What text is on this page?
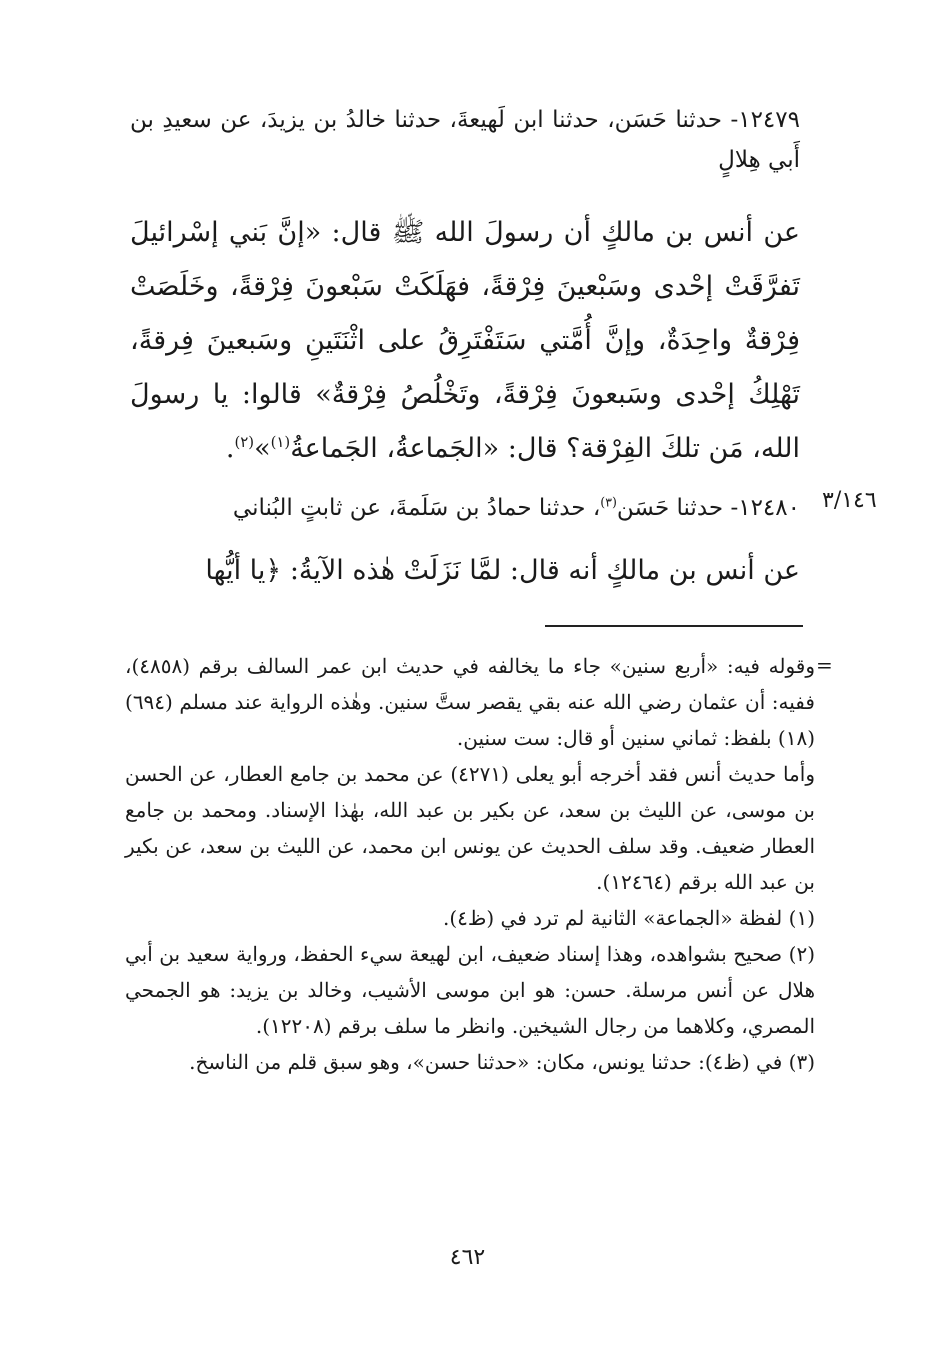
١٢٤٧٩- حدثنا حَسَن، حدثنا ابن لَهيعةَ، حدثنا خالدُ بن يزيدَ، عن سعيدِ بن أَبي هِلالٍ
عن أنس بن مالكٍ أن رسولَ الله ﷺ قال: «إنَّ بَني إسْرائيلَ تَفرَّقَتْ إحْدى وسَبْعينَ فِرْقةً، فهَلَكَتْ سَبْعونَ فِرْقةً، وخَلَصَتْ فِرْقةٌ واحِدَةٌ، وإنَّ أُمَّتي سَتَفْتَرِقُ على اثْنَتَينِ وسَبعينَ فِرقةً، تَهْلِكُ إحْدى وسَبعونَ فِرْقةً، وتَخْلُصُ فِرْقةٌ» قالوا: يا رسولَ الله، مَن تلكَ الفِرْقة؟ قال: «الجَماعةُ، الجَماعةُ$^{(١)}$»$^{(٢)}$.
٣/١٤٦
١٢٤٨٠- حدثنا حَسَن$^{(٣)}$، حدثنا حمادُ بن سَلَمةَ، عن ثابتٍ البُناني
عن أنس بن مالكٍ أنه قال: لمَّا نَزَلَتْ هٰذه الآيةُ: ﴿يا أيُّها
=

وقوله فيه: «أربع سنين» جاء ما يخالفه في حديث ابن عمر السالف برقم (٤٨٥٨)، ففيه: أن عثمان رضي الله عنه بقي يقصر ستَّ سنين. وهٰذه الرواية عند مسلم (٦٩٤) (١٨) بلفظ: ثماني سنين أو قال: ست سنين.

وأما حديث أنس فقد أخرجه أبو يعلى (٤٢٧١) عن محمد بن جامع العطار، عن الحسن بن موسى، عن الليث بن سعد، عن بكير بن عبد الله، بهٰذا الإسناد. ومحمد بن جامع العطار ضعيف. وقد سلف الحديث عن يونس ابن محمد، عن الليث بن سعد، عن بكير بن عبد الله برقم (١٢٤٦٤).

(١) لفظة «الجماعة» الثانية لم ترد في (ظ٤).

(٢) صحيح بشواهده، وهذا إسناد ضعيف، ابن لهيعة سيء الحفظ، ورواية سعيد بن أبي هلال عن أنس مرسلة. حسن: هو ابن موسى الأشيب، وخالد بن يزيد: هو الجمحي المصري، وكلاهما من رجال الشيخين. وانظر ما سلف برقم (١٢٢٠٨).

(٣) في (ظ٤): حدثنا يونس، مكان: «حدثنا حسن»، وهو سبق قلم من الناسخ.

٤٦٢
